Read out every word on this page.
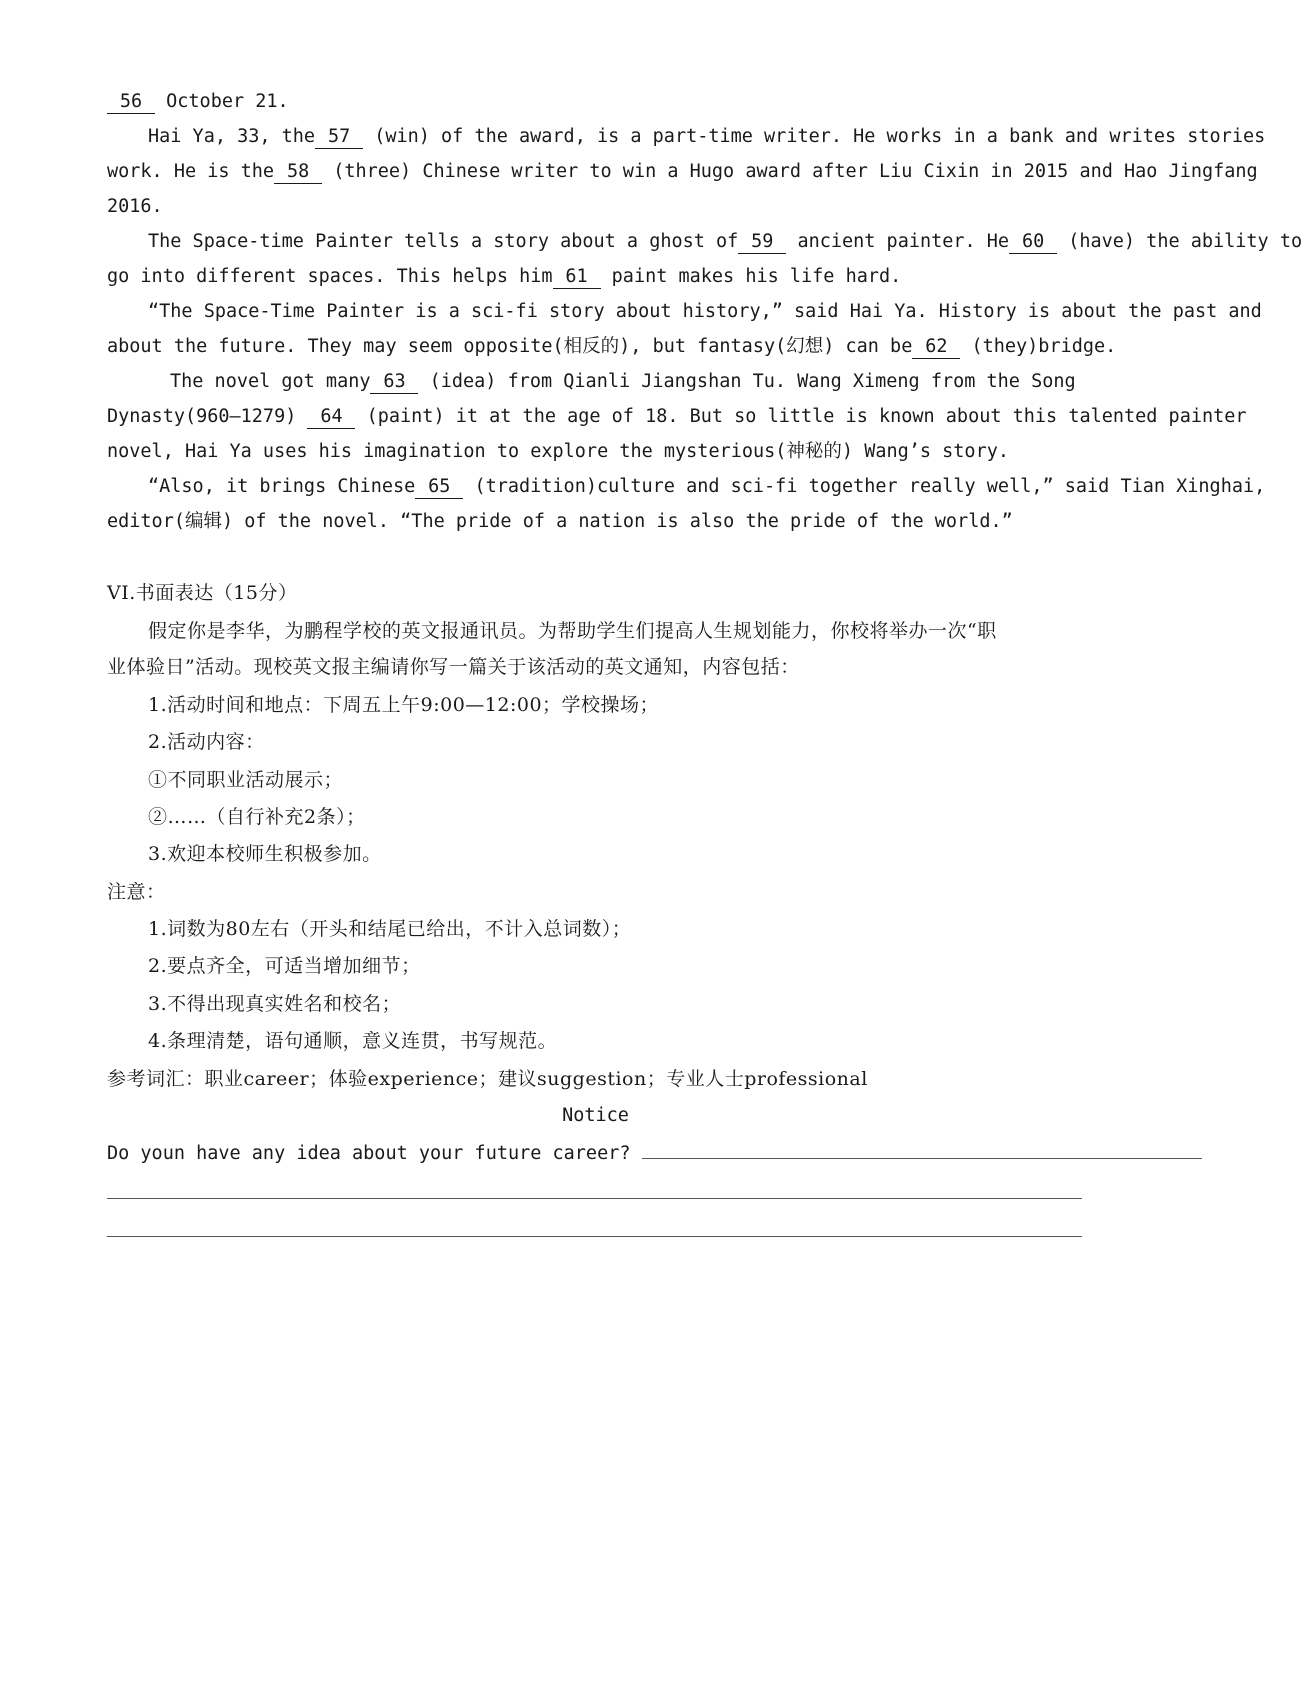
56 October 21.
Hai Ya, 33, the 57 (win) of the award, is a part-time writer. He works in a bank and writes stories
work. He is the 58 (three) Chinese writer to win a Hugo award after Liu Cixin in 2015 and Hao Jingfang
2016.
The Space-time Painter tells a story about a ghost of 59 ancient painter. He 60 (have) the ability to
go into different spaces. This helps him 61 paint makes his life hard.
“The Space-Time Painter is a sci-fi story about history,” said Hai Ya. History is about the past and
about the future. They may seem opposite(相反的), but fantasy(幻想) can be 62 (they)bridge.
The novel got many 63 (idea) from Qianli Jiangshan Tu. Wang Ximeng from the Song
Dynasty(960—1279) 64 (paint) it at the age of 18. But so little is known about this talented painter
novel, Hai Ya uses his imagination to explore the mysterious(神秘的) Wang’s story.
“Also, it brings Chinese 65 (tradition)culture and sci-fi together really well,” said Tian Xinghai,
editor(编辑) of the novel. “The pride of a nation is also the pride of the world.”
VI.书面表达（15分）
假定你是李华，为鹏程学校的英文报通讯员。为帮助学生们提高人生规划能力，你校将举办一次“职
业体验日”活动。现校英文报主编请你写一篇关于该活动的英文通知，内容包括：
1.活动时间和地点：下周五上午9:00—12:00；学校操场；
2.活动内容：
①不同职业活动展示；
②……（自行补充2条）；
3.欢迎本校师生积极参加。
注意：
1.词数为80左右（开头和结尾已给出，不计入总词数）；
2.要点齐全，可适当增加细节；
3.不得出现真实姓名和校名；
4.条理清楚，语句通顺，意义连贯，书写规范。
参考词汇：职业career；体验experience；建议suggestion；专业人士professional
Notice
Do youn have any idea about your future career?
